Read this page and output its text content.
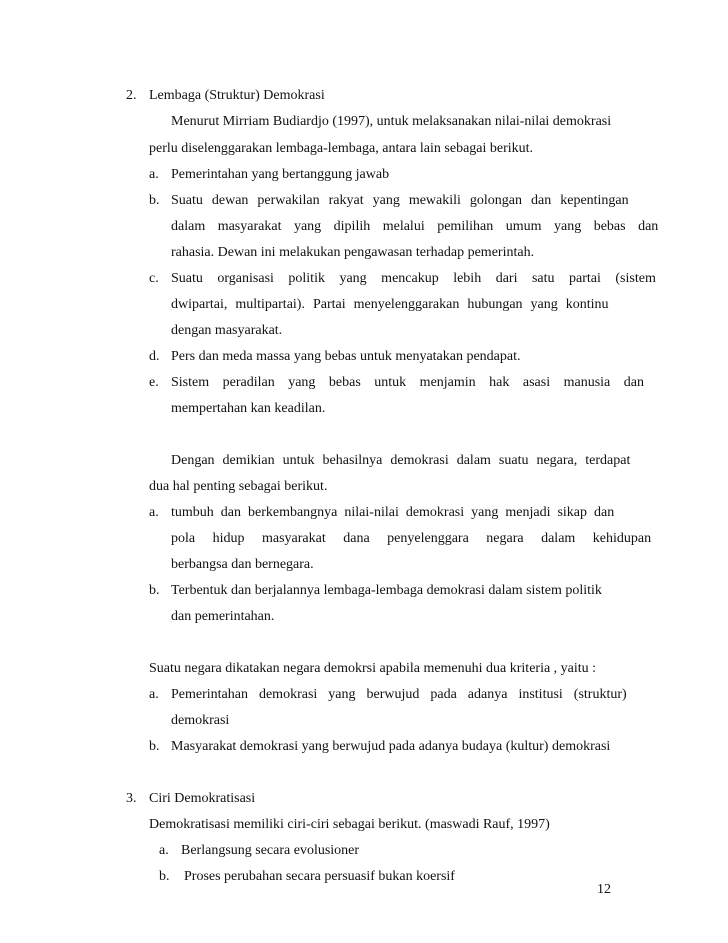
2. Lembaga (Struktur) Demokrasi
Menurut Mirriam Budiardjo (1997), untuk melaksanakan nilai-nilai demokrasi
perlu diselenggarakan lembaga-lembaga, antara lain sebagai berikut.
a. Pemerintahan yang bertanggung jawab
b. Suatu dewan perwakilan rakyat yang mewakili golongan dan kepentingan
dalam masyarakat yang dipilih melalui pemilihan umum yang bebas dan
rahasia. Dewan ini melakukan pengawasan terhadap pemerintah.
c. Suatu organisasi politik yang mencakup lebih dari satu partai (sistem
dwipartai, multipartai). Partai menyelenggarakan hubungan yang kontinu
dengan masyarakat.
d. Pers dan meda massa yang bebas untuk menyatakan pendapat.
e. Sistem peradilan yang bebas untuk menjamin hak asasi manusia dan
mempertahan kan keadilan.
Dengan demikian untuk behasilnya demokrasi dalam suatu negara, terdapat
dua hal penting sebagai berikut.
a. tumbuh dan berkembangnya nilai-nilai demokrasi yang menjadi sikap dan
pola hidup masyarakat dana penyelenggara negara dalam kehidupan
berbangsa dan bernegara.
b. Terbentuk dan berjalannya lembaga-lembaga demokrasi dalam sistem politik
dan pemerintahan.
Suatu negara dikatakan negara demokrsi apabila memenuhi dua kriteria , yaitu :
a. Pemerintahan demokrasi yang berwujud pada adanya institusi (struktur)
demokrasi
b. Masyarakat demokrasi yang berwujud pada adanya budaya (kultur) demokrasi
3. Ciri Demokratisasi
Demokratisasi memiliki ciri-ciri sebagai berikut. (maswadi Rauf, 1997)
a. Berlangsung secara evolusioner
b. Proses perubahan secara persuasif bukan koersif
12
